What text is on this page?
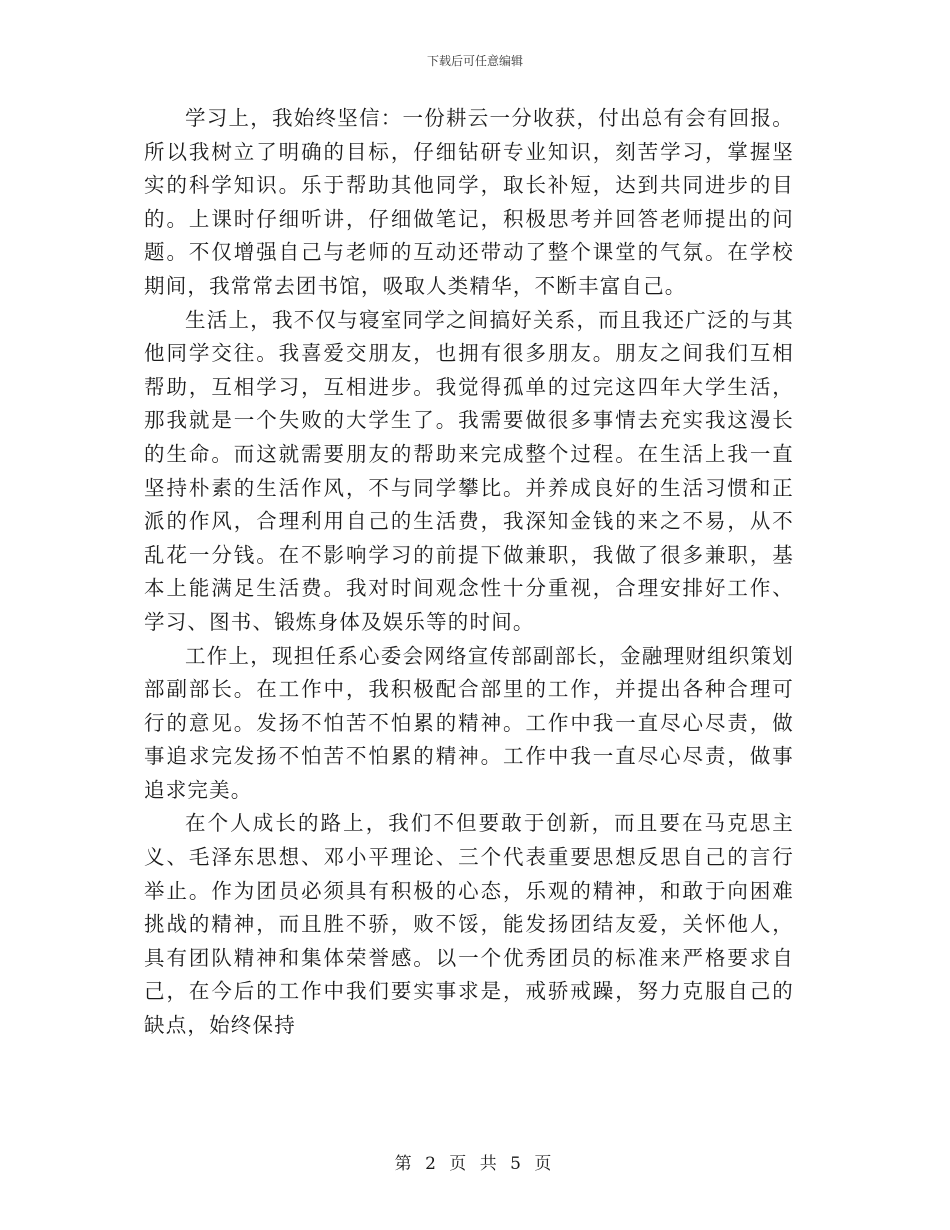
下载后可任意编辑

学习上，我始终坚信：一份耕云一分收获，付出总有会有回报。所以我树立了明确的目标，仔细钻研专业知识，刻苦学习，掌握坚实的科学知识。乐于帮助其他同学，取长补短，达到共同进步的目的。上课时仔细听讲，仔细做笔记，积极思考并回答老师提出的问题。不仅增强自己与老师的互动还带动了整个课堂的气氛。在学校期间，我常常去团书馆，吸取人类精华，不断丰富自己。

生活上，我不仅与寝室同学之间搞好关系，而且我还广泛的与其他同学交往。我喜爱交朋友，也拥有很多朋友。朋友之间我们互相帮助，互相学习，互相进步。我觉得孤单的过完这四年大学生活，那我就是一个失败的大学生了。我需要做很多事情去充实我这漫长的生命。而这就需要朋友的帮助来完成整个过程。在生活上我一直坚持朴素的生活作风，不与同学攀比。并养成良好的生活习惯和正派的作风，合理利用自己的生活费，我深知金钱的来之不易，从不乱花一分钱。在不影响学习的前提下做兼职，我做了很多兼职，基本上能满足生活费。我对时间观念性十分重视，合理安排好工作、学习、图书、锻炼身体及娱乐等的时间。

工作上，现担任系心委会网络宣传部副部长，金融理财组织策划部副部长。在工作中，我积极配合部里的工作，并提出各种合理可行的意见。发扬不怕苦不怕累的精神。工作中我一直尽心尽责，做事追求完发扬不怕苦不怕累的精神。工作中我一直尽心尽责，做事追求完美。

在个人成长的路上，我们不但要敢于创新，而且要在马克思主义、毛泽东思想、邓小平理论、三个代表重要思想反思自己的言行举止。作为团员必须具有积极的心态，乐观的精神，和敢于向困难挑战的精神，而且胜不骄，败不馁，能发扬团结友爱，关怀他人，具有团队精神和集体荣誉感。以一个优秀团员的标准来严格要求自己，在今后的工作中我们要实事求是，戒骄戒躁，努力克服自己的缺点，始终保持

第 2 页 共 5 页
